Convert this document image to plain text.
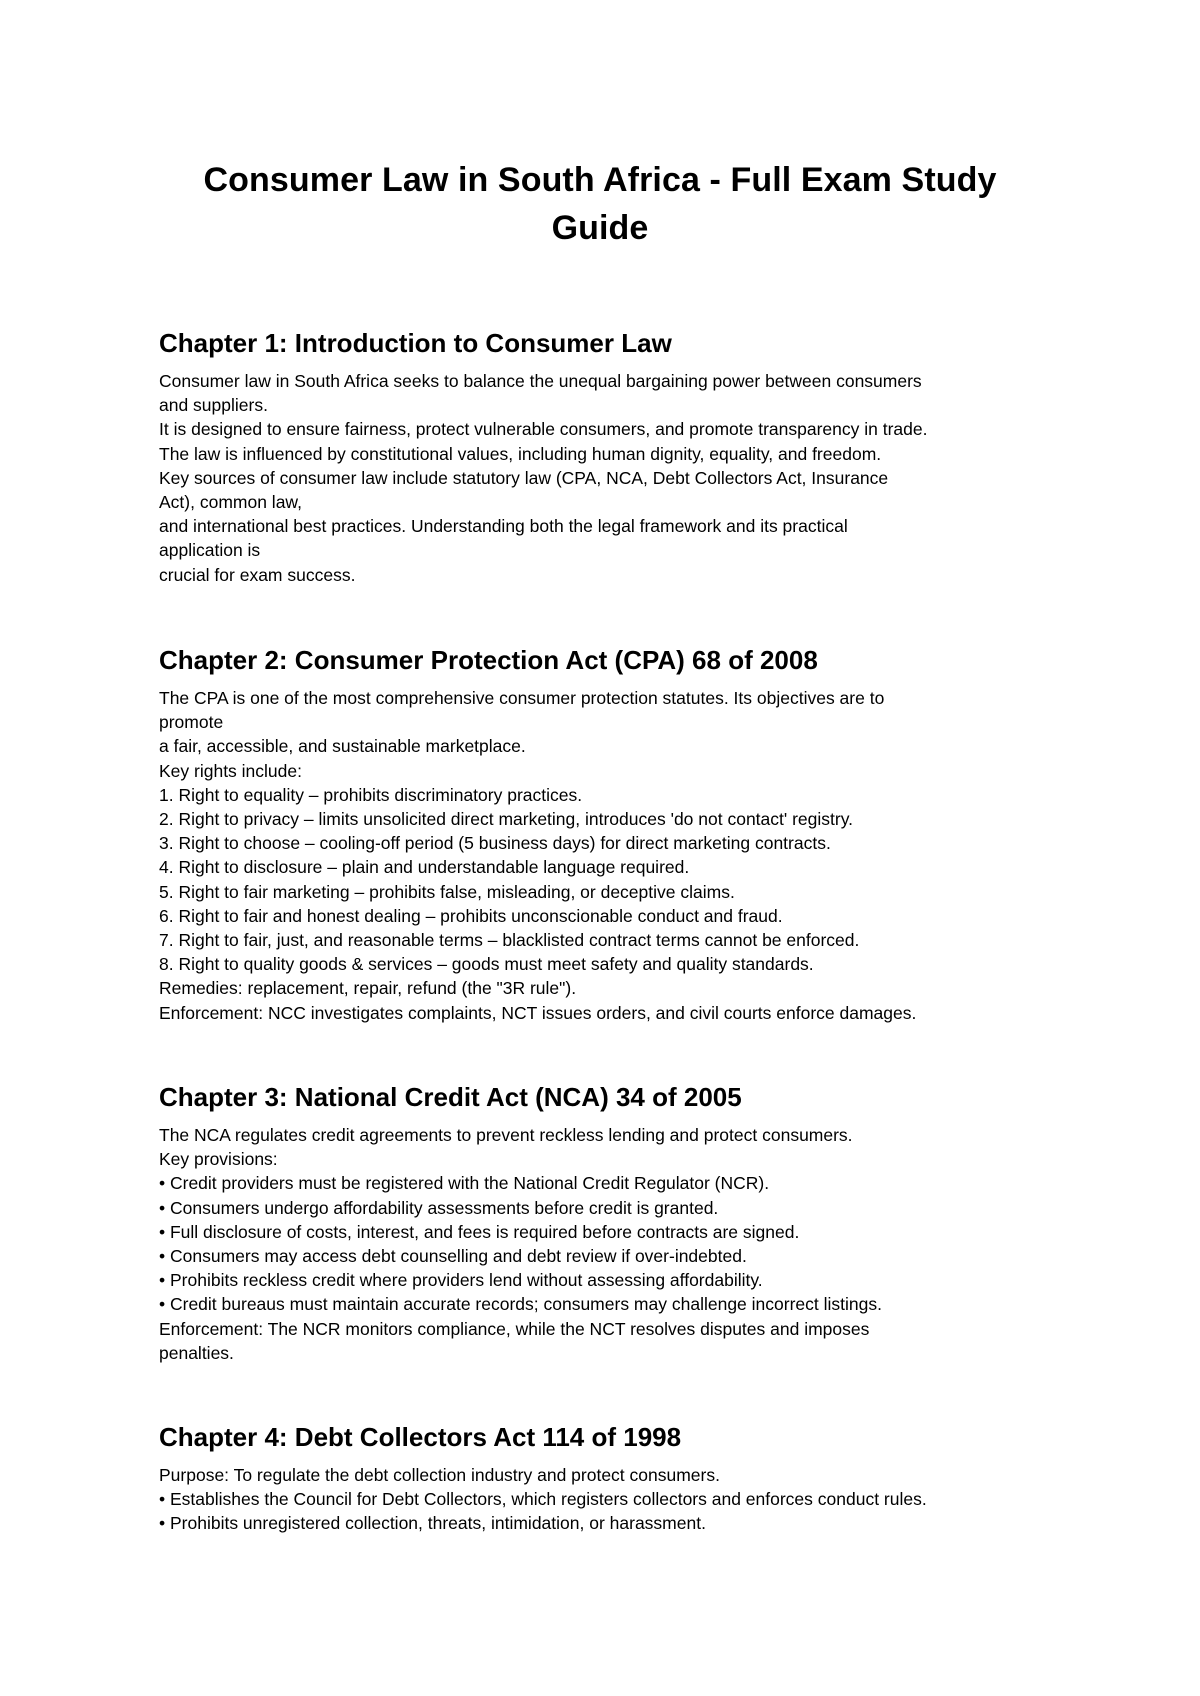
Consumer Law in South Africa - Full Exam Study
Guide
Chapter 1: Introduction to Consumer Law
Consumer law in South Africa seeks to balance the unequal bargaining power between consumers
and suppliers.
It is designed to ensure fairness, protect vulnerable consumers, and promote transparency in trade.
The law is influenced by constitutional values, including human dignity, equality, and freedom.
Key sources of consumer law include statutory law (CPA, NCA, Debt Collectors Act, Insurance
Act), common law,
and international best practices. Understanding both the legal framework and its practical
application is
crucial for exam success.
Chapter 2: Consumer Protection Act (CPA) 68 of 2008
The CPA is one of the most comprehensive consumer protection statutes. Its objectives are to
promote
a fair, accessible, and sustainable marketplace.
Key rights include:
1. Right to equality – prohibits discriminatory practices.
2. Right to privacy – limits unsolicited direct marketing, introduces 'do not contact' registry.
3. Right to choose – cooling-off period (5 business days) for direct marketing contracts.
4. Right to disclosure – plain and understandable language required.
5. Right to fair marketing – prohibits false, misleading, or deceptive claims.
6. Right to fair and honest dealing – prohibits unconscionable conduct and fraud.
7. Right to fair, just, and reasonable terms – blacklisted contract terms cannot be enforced.
8. Right to quality goods & services – goods must meet safety and quality standards.
Remedies: replacement, repair, refund (the "3R rule").
Enforcement: NCC investigates complaints, NCT issues orders, and civil courts enforce damages.
Chapter 3: National Credit Act (NCA) 34 of 2005
The NCA regulates credit agreements to prevent reckless lending and protect consumers.
Key provisions:
• Credit providers must be registered with the National Credit Regulator (NCR).
• Consumers undergo affordability assessments before credit is granted.
• Full disclosure of costs, interest, and fees is required before contracts are signed.
• Consumers may access debt counselling and debt review if over-indebted.
• Prohibits reckless credit where providers lend without assessing affordability.
• Credit bureaus must maintain accurate records; consumers may challenge incorrect listings.
Enforcement: The NCR monitors compliance, while the NCT resolves disputes and imposes
penalties.
Chapter 4: Debt Collectors Act 114 of 1998
Purpose: To regulate the debt collection industry and protect consumers.
• Establishes the Council for Debt Collectors, which registers collectors and enforces conduct rules.
• Prohibits unregistered collection, threats, intimidation, or harassment.
